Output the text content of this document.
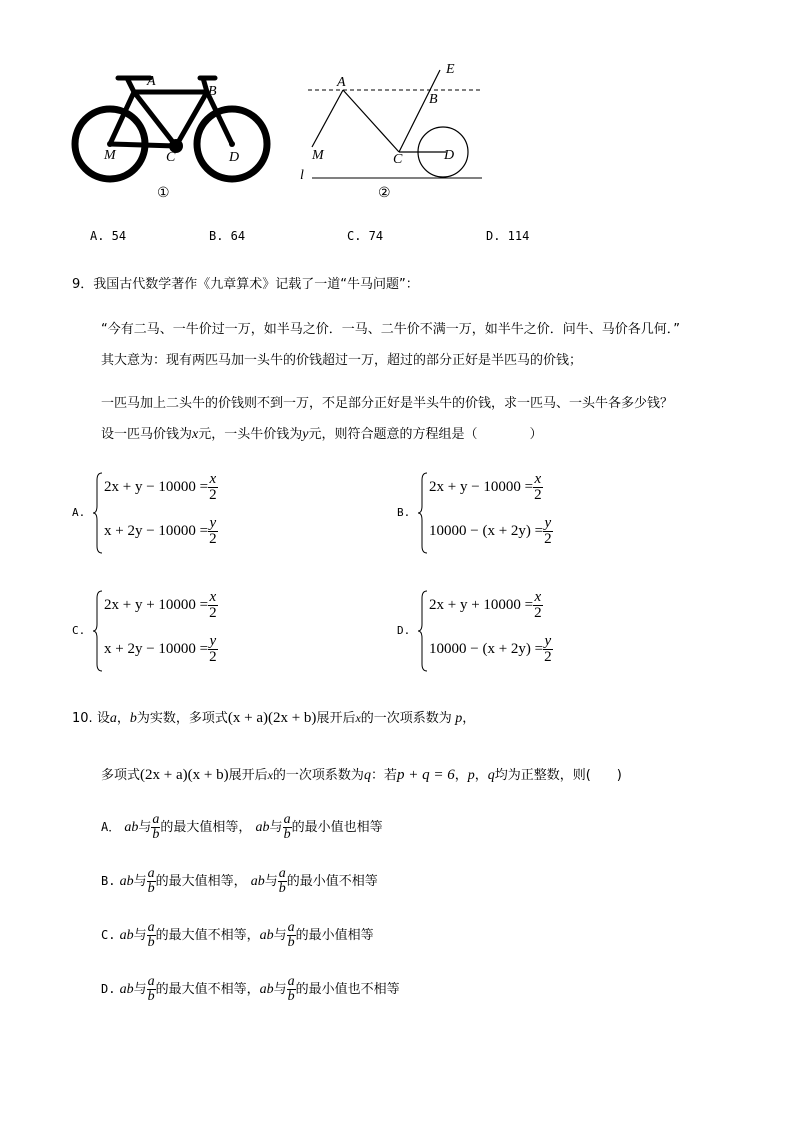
A
B
M	C	D
①
A
E
B
M	C	D
l
②
A. 54	B. 64	C. 74	D. 114
9．我国古代数学著作《九章算术》记载了一道“牛马问题”：
“今有二马、一牛价过一万，如半马之价．一马、二牛价不满一万，如半牛之价．问牛、马价各几何．”
其大意为：现有两匹马加一头牛的价钱超过一万，超过的部分正好是半匹马的价钱；
一匹马加上二头牛的价钱则不到一万，不足部分正好是半头牛的价钱，求一匹马、一头牛各多少钱？
设一匹马价钱为x元，一头牛价钱为y元，则符合题意的方程组是（　　　　）
A.
$2x + y - 10000 = \frac{x}{2}$
$x + 2y - 10000 = \frac{y}{2}$
B.
$2x + y - 10000 = \frac{x}{2}$
$10000 - (x + 2y) = \frac{y}{2}$
C.
$2x + y + 10000 = \frac{x}{2}$
$x + 2y - 10000 = \frac{y}{2}$
D.
$2x + y + 10000 = \frac{x}{2}$
$10000 - (x + 2y) = \frac{y}{2}$
10. 设a，b为实数，多项式(x + a)(2x + b)展开后x的一次项系数为 p，
多项式(2x + a)(x + b)展开后x的一次项系数为q：若p + q = 6，p，q均为正整数，则(　　)
A． ab与 $\frac{a}{b}$ 的最大值相等， ab与 $\frac{a}{b}$ 的最小值也相等
B. ab与 $\frac{a}{b}$ 的最大值相等， ab与 $\frac{a}{b}$ 的最小值不相等
C. ab与 $\frac{a}{b}$ 的最大值不相等，ab与 $\frac{a}{b}$ 的最小值相等
D. ab与 $\frac{a}{b}$ 的最大值不相等，ab与 $\frac{a}{b}$ 的最小值也不相等
